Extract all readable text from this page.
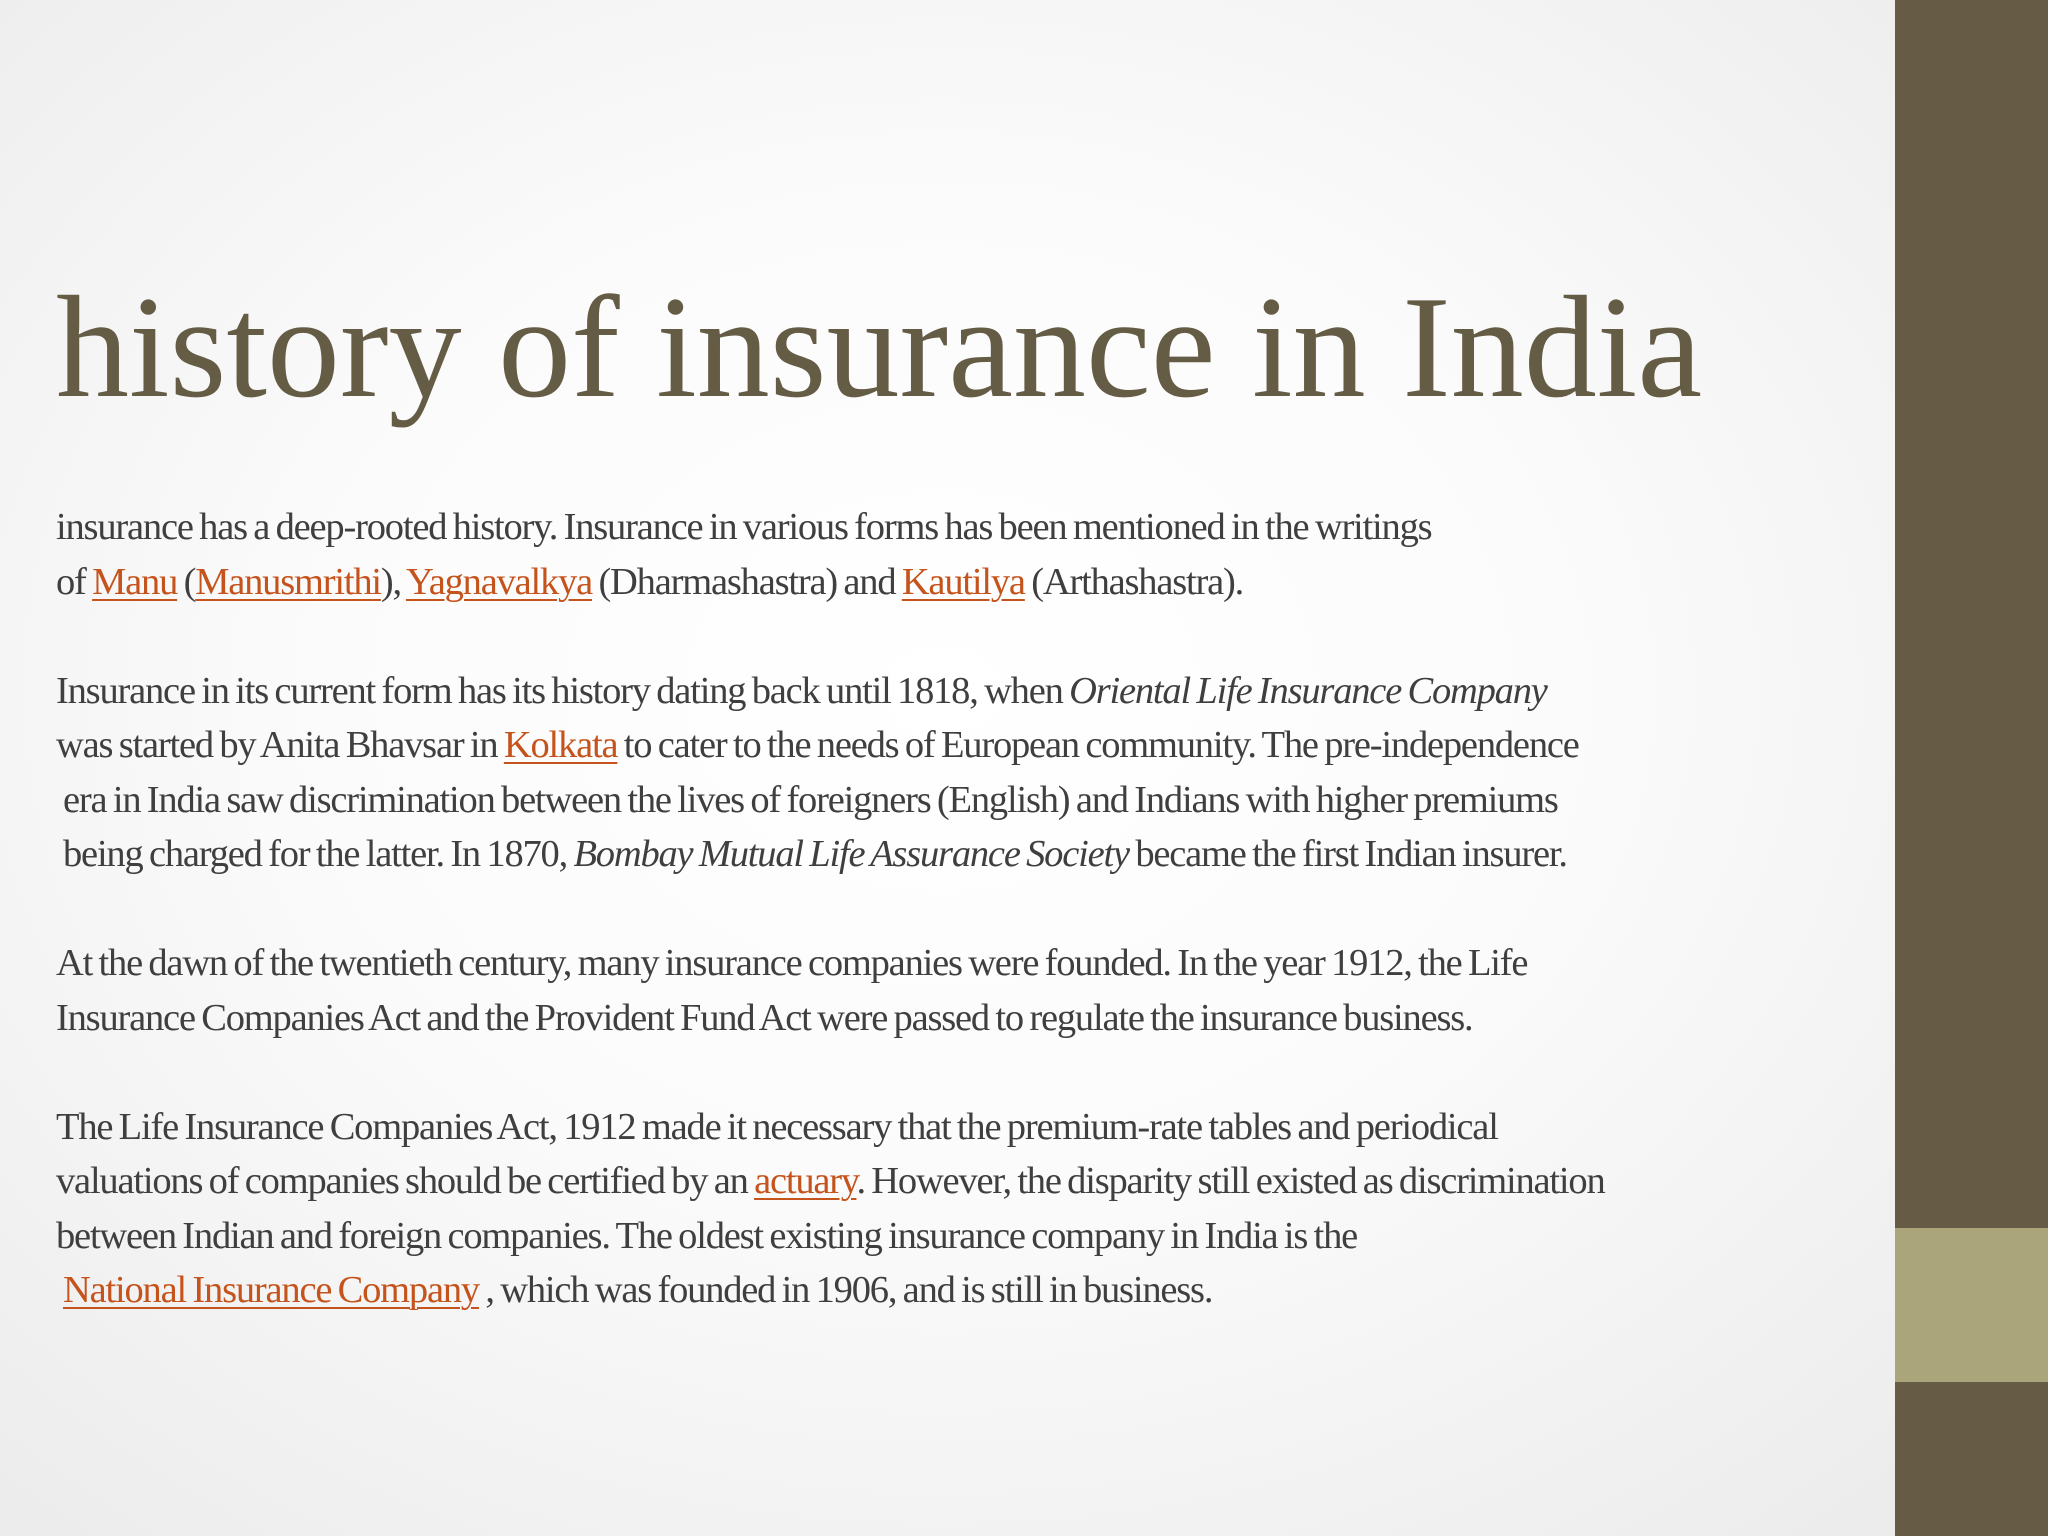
history of insurance in India
insurance has a deep-rooted history. Insurance in various forms has been mentioned in the writings
of Manu (Manusmrithi), Yagnavalkya (Dharmashastra) and Kautilya (Arthashastra).
Insurance in its current form has its history dating back until 1818, when Oriental Life Insurance Company
was started by Anita Bhavsar in Kolkata to cater to the needs of European community. The pre-independence
era in India saw discrimination between the lives of foreigners (English) and Indians with higher premiums
being charged for the latter. In 1870, Bombay Mutual Life Assurance Society became the first Indian insurer.
At the dawn of the twentieth century, many insurance companies were founded. In the year 1912, the Life
Insurance Companies Act and the Provident Fund Act were passed to regulate the insurance business.
The Life Insurance Companies Act, 1912 made it necessary that the premium-rate tables and periodical
valuations of companies should be certified by an actuary. However, the disparity still existed as discrimination
between Indian and foreign companies. The oldest existing insurance company in India is the
National Insurance Company , which was founded in 1906, and is still in business.
